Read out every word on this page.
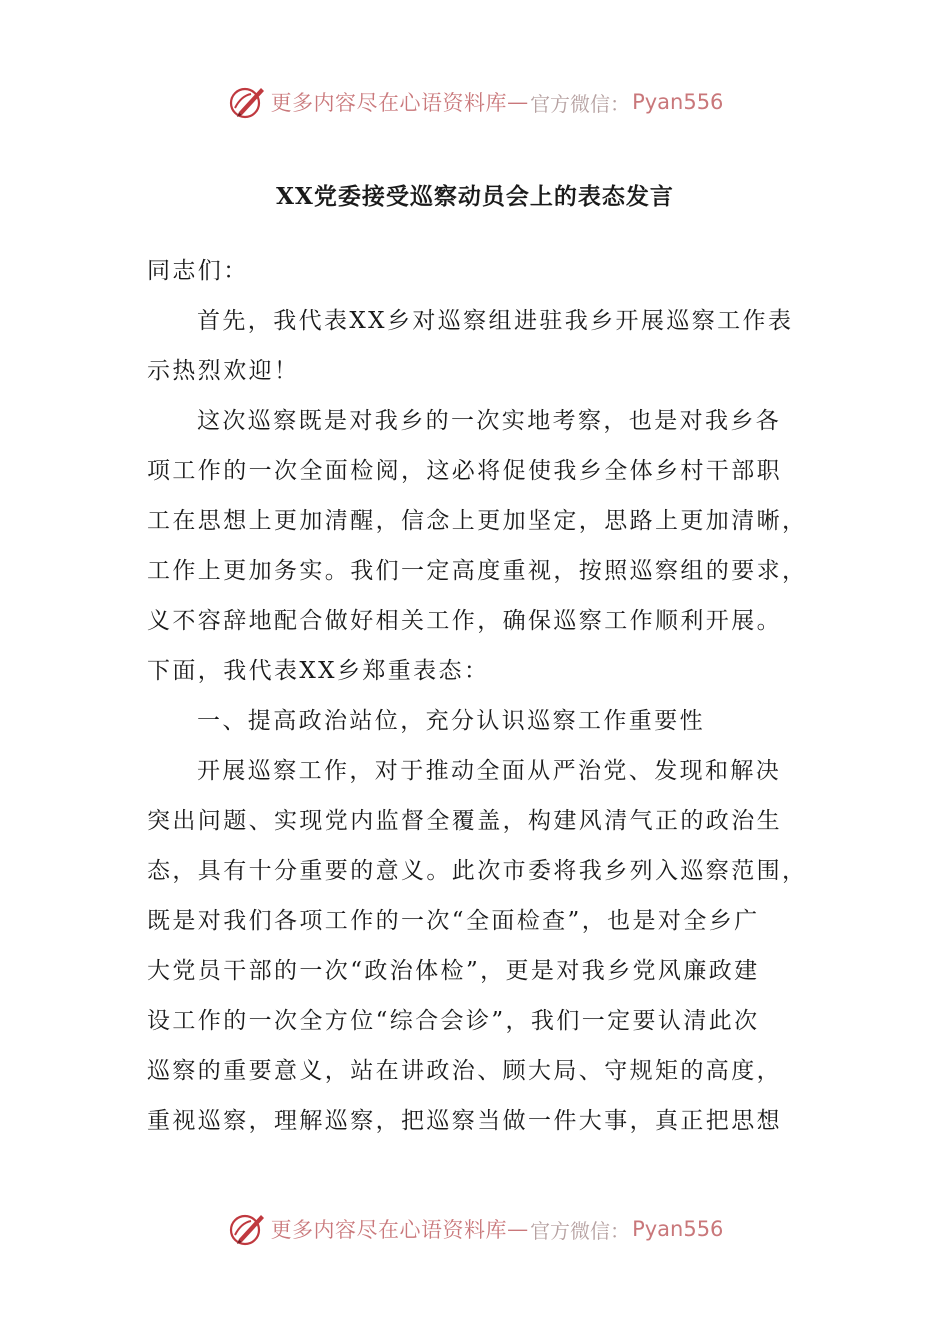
更多内容尽在心语资料库 — 官方微信： Pyan556
XX党委接受巡察动员会上的表态发言
同志们：
首先，我代表XX乡对巡察组进驻我乡开展巡察工作表
示热烈欢迎！
这次巡察既是对我乡的一次实地考察，也是对我乡各
项工作的一次全面检阅，这必将促使我乡全体乡村干部职
工在思想上更加清醒，信念上更加坚定，思路上更加清晰，
工作上更加务实。我们一定高度重视，按照巡察组的要求，
义不容辞地配合做好相关工作，确保巡察工作顺利开展。
下面，我代表XX乡郑重表态：
一、提高政治站位，充分认识巡察工作重要性
开展巡察工作，对于推动全面从严治党、发现和解决
突出问题、实现党内监督全覆盖，构建风清气正的政治生
态，具有十分重要的意义。此次市委将我乡列入巡察范围，
既是对我们各项工作的一次“全面检查”，也是对全乡广
大党员干部的一次“政治体检”，更是对我乡党风廉政建
设工作的一次全方位“综合会诊”，我们一定要认清此次
巡察的重要意义，站在讲政治、顾大局、守规矩的高度，
重视巡察，理解巡察，把巡察当做一件大事，真正把思想
更多内容尽在心语资料库 — 官方微信： Pyan556
